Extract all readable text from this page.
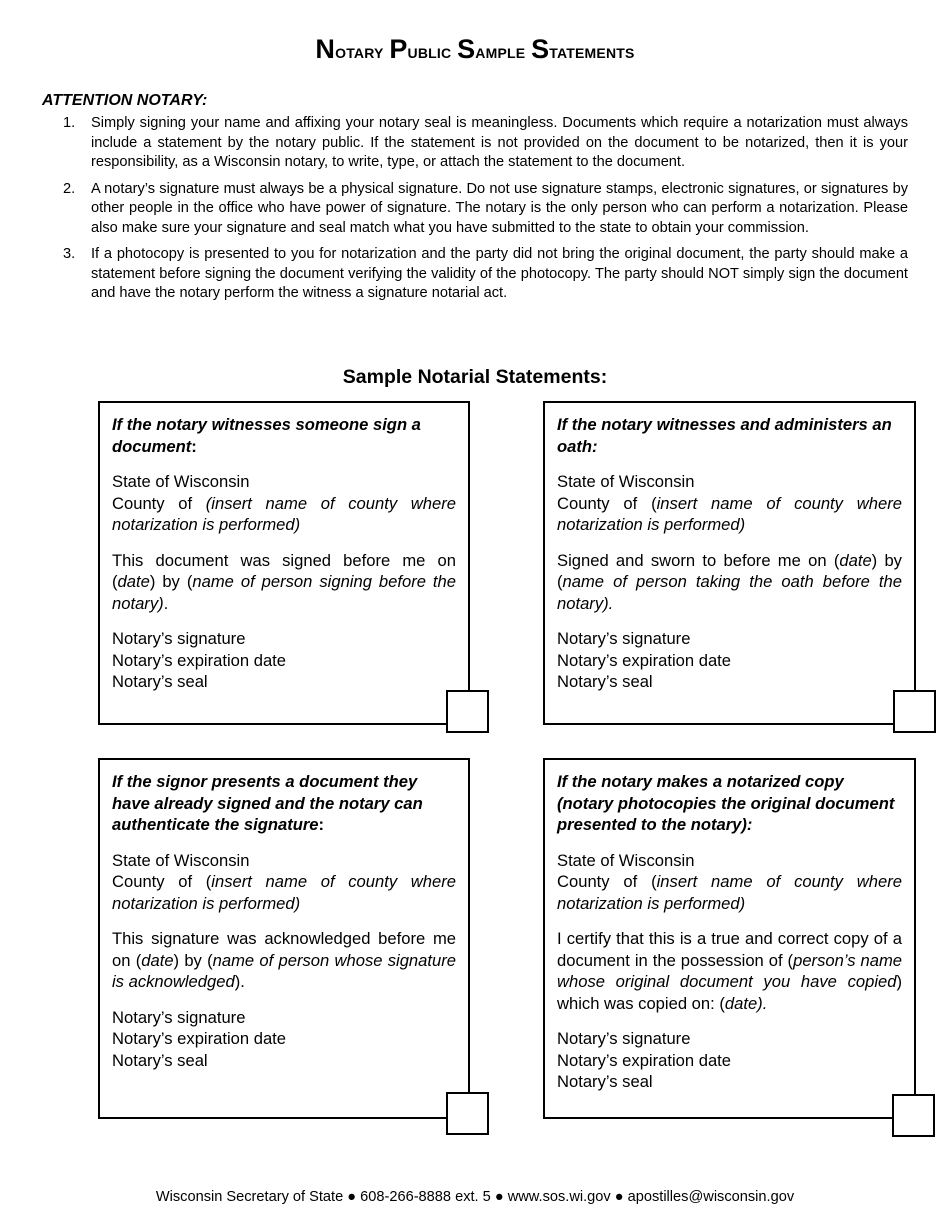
Notary Public Sample Statements
ATTENTION NOTARY:
1. Simply signing your name and affixing your notary seal is meaningless. Documents which require a notarization must always include a statement by the notary public. If the statement is not provided on the document to be notarized, then it is your responsibility, as a Wisconsin notary, to write, type, or attach the statement to the document.
2. A notary’s signature must always be a physical signature. Do not use signature stamps, electronic signatures, or signatures by other people in the office who have power of signature. The notary is the only person who can perform a notarization. Please also make sure your signature and seal match what you have submitted to the state to obtain your commission.
3. If a photocopy is presented to you for notarization and the party did not bring the original document, the party should make a statement before signing the document verifying the validity of the photocopy. The party should NOT simply sign the document and have the notary perform the witness a signature notarial act.
Sample Notarial Statements:

If the notary witnesses someone sign a document:

State of Wisconsin
County of (insert name of county where notarization is performed)

This document was signed before me on (date) by (name of person signing before the notary).

Notary’s signature
Notary’s expiration date
Notary’s seal

If the notary witnesses and administers an oath:

State of Wisconsin
County of (insert name of county where notarization is performed)

Signed and sworn to before me on (date) by (name of person taking the oath before the notary).

Notary’s signature
Notary’s expiration date
Notary’s seal

If the signor presents a document they have already signed and the notary can authenticate the signature:

State of Wisconsin
County of (insert name of county where notarization is performed)

This signature was acknowledged before me on (date) by (name of person whose signature is acknowledged).

Notary’s signature
Notary’s expiration date
Notary’s seal

If the notary makes a notarized copy (notary photocopies the original document presented to the notary):

State of Wisconsin
County of (insert name of county where notarization is performed)

I certify that this is a true and correct copy of a document in the possession of (person’s name whose original document you have copied) which was copied on: (date).

Notary’s signature
Notary’s expiration date
Notary’s seal

Wisconsin Secretary of State ● 608-266-8888 ext. 5 ● www.sos.wi.gov ● apostilles@wisconsin.gov
